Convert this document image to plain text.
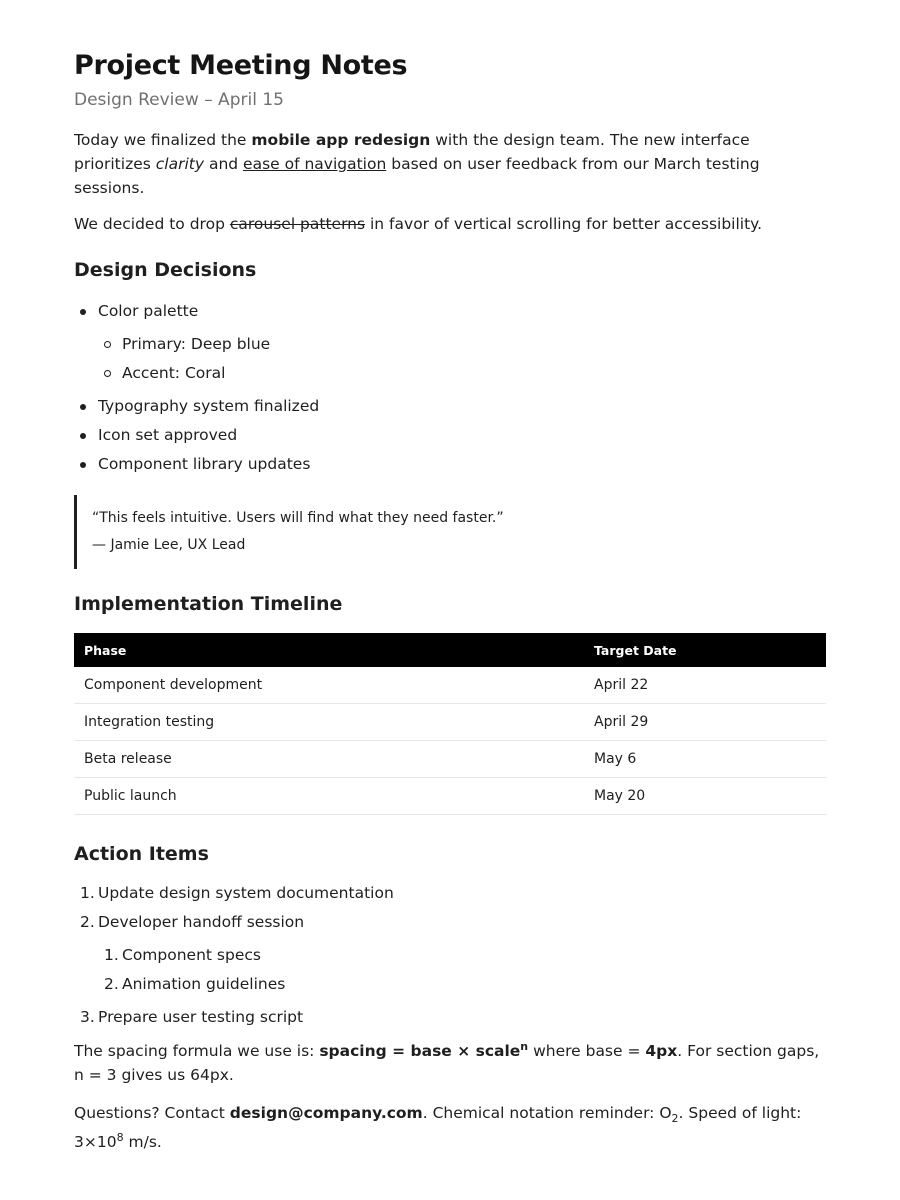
Project Meeting Notes
Design Review – April 15

Today we finalized the mobile app redesign with the design team. The new interface prioritizes clarity and ease of navigation based on user feedback from our March testing sessions.

We decided to drop carousel patterns in favor of vertical scrolling for better accessibility.

Design Decisions
Color palette
Primary: Deep blue
Accent: Coral
Typography system finalized
Icon set approved
Component library updates
“This feels intuitive. Users will find what they need faster.”
— Jamie Lee, UX Lead
Implementation Timeline
Phase	Target Date
Component development	April 22
Integration testing	April 29
Beta release	May 6
Public launch	May 20
Action Items
1. Update design system documentation
2. Developer handoff session
1. Component specs
2. Animation guidelines
3. Prepare user testing script

The spacing formula we use is: spacing = base × scale$^n$ where base = 4px. For section gaps, n = 3 gives us 64px.

Questions? Contact design@company.com. Chemical notation reminder: $O_2$. Speed of light: $3\times 10^8$ m/s.
